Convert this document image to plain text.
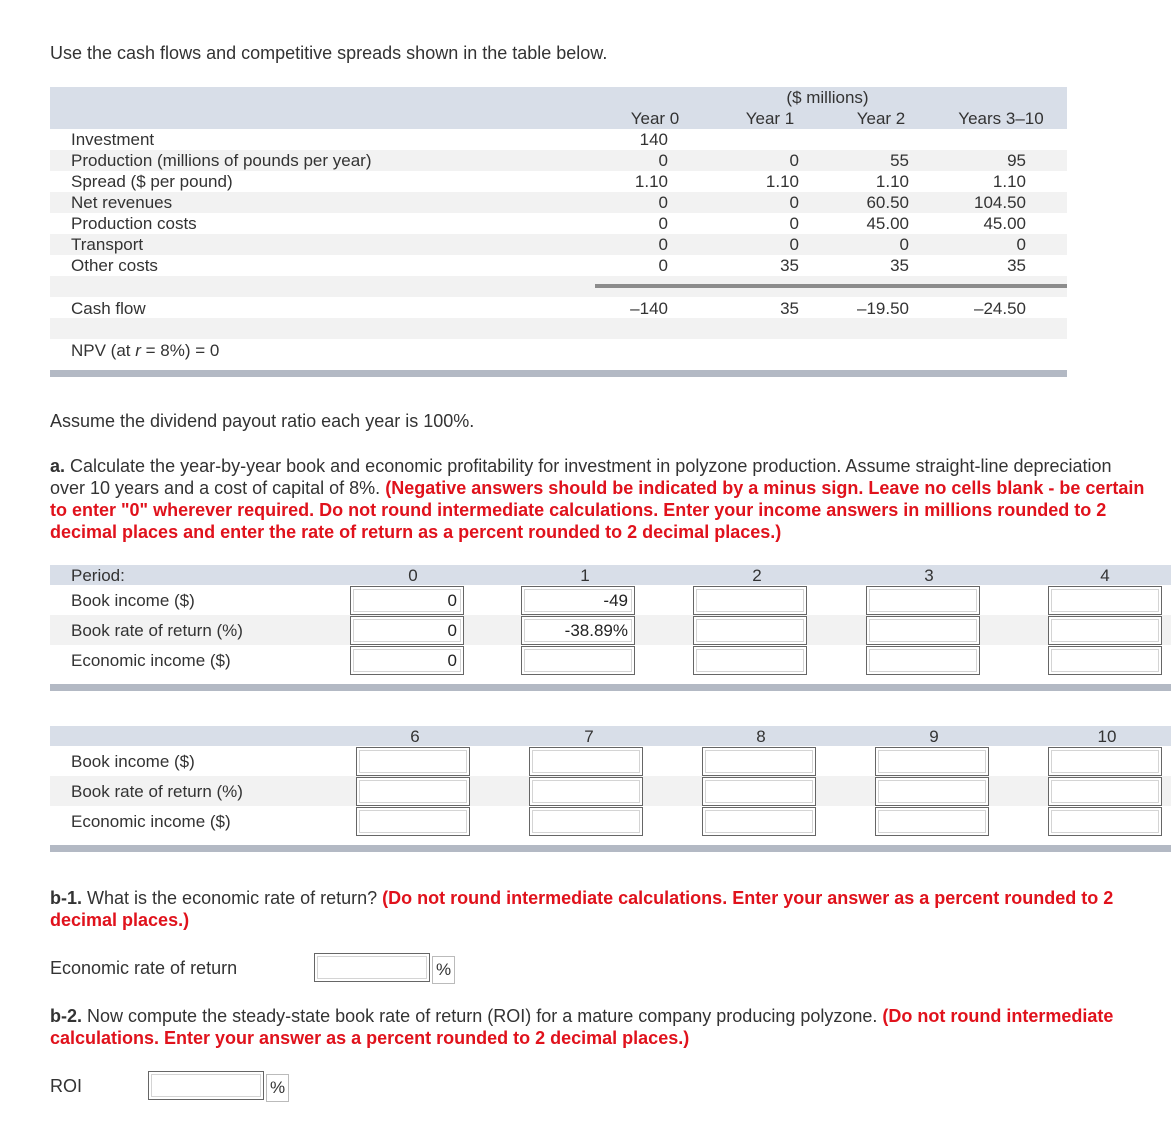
Use the cash flows and competitive spreads shown in the table below.
($ millions)
Year 0	Year 1	Year 2	Years 3–10
Investment	140
Production (millions of pounds per year)	0	0	55	95
Spread ($ per pound)	1.10	1.10	1.10	1.10
Net revenues	0	0	60.50	104.50
Production costs	0	0	45.00	45.00
Transport	0	0	0	0
Other costs	0	35	35	35
Cash flow	–140	35	–19.50	–24.50
NPV (at r = 8%) = 0
Assume the dividend payout ratio each year is 100%.
a. Calculate the year-by-year book and economic profitability for investment in polyzone production. Assume straight-line depreciation over 10 years and a cost of capital of 8%. (Negative answers should be indicated by a minus sign. Leave no cells blank - be certain to enter "0" wherever required. Do not round intermediate calculations. Enter your income answers in millions rounded to 2 decimal places and enter the rate of return as a percent rounded to 2 decimal places.)
Period:	0	1	2	3	4
Book income ($)	0	-49
Book rate of return (%)	0	-38.89%
Economic income ($)	0
6	7	8	9	10
Book income ($)
Book rate of return (%)
Economic income ($)
b-1. What is the economic rate of return? (Do not round intermediate calculations. Enter your answer as a percent rounded to 2 decimal places.)
Economic rate of return	%
b-2. Now compute the steady-state book rate of return (ROI) for a mature company producing polyzone. (Do not round intermediate calculations. Enter your answer as a percent rounded to 2 decimal places.)
ROI	%
